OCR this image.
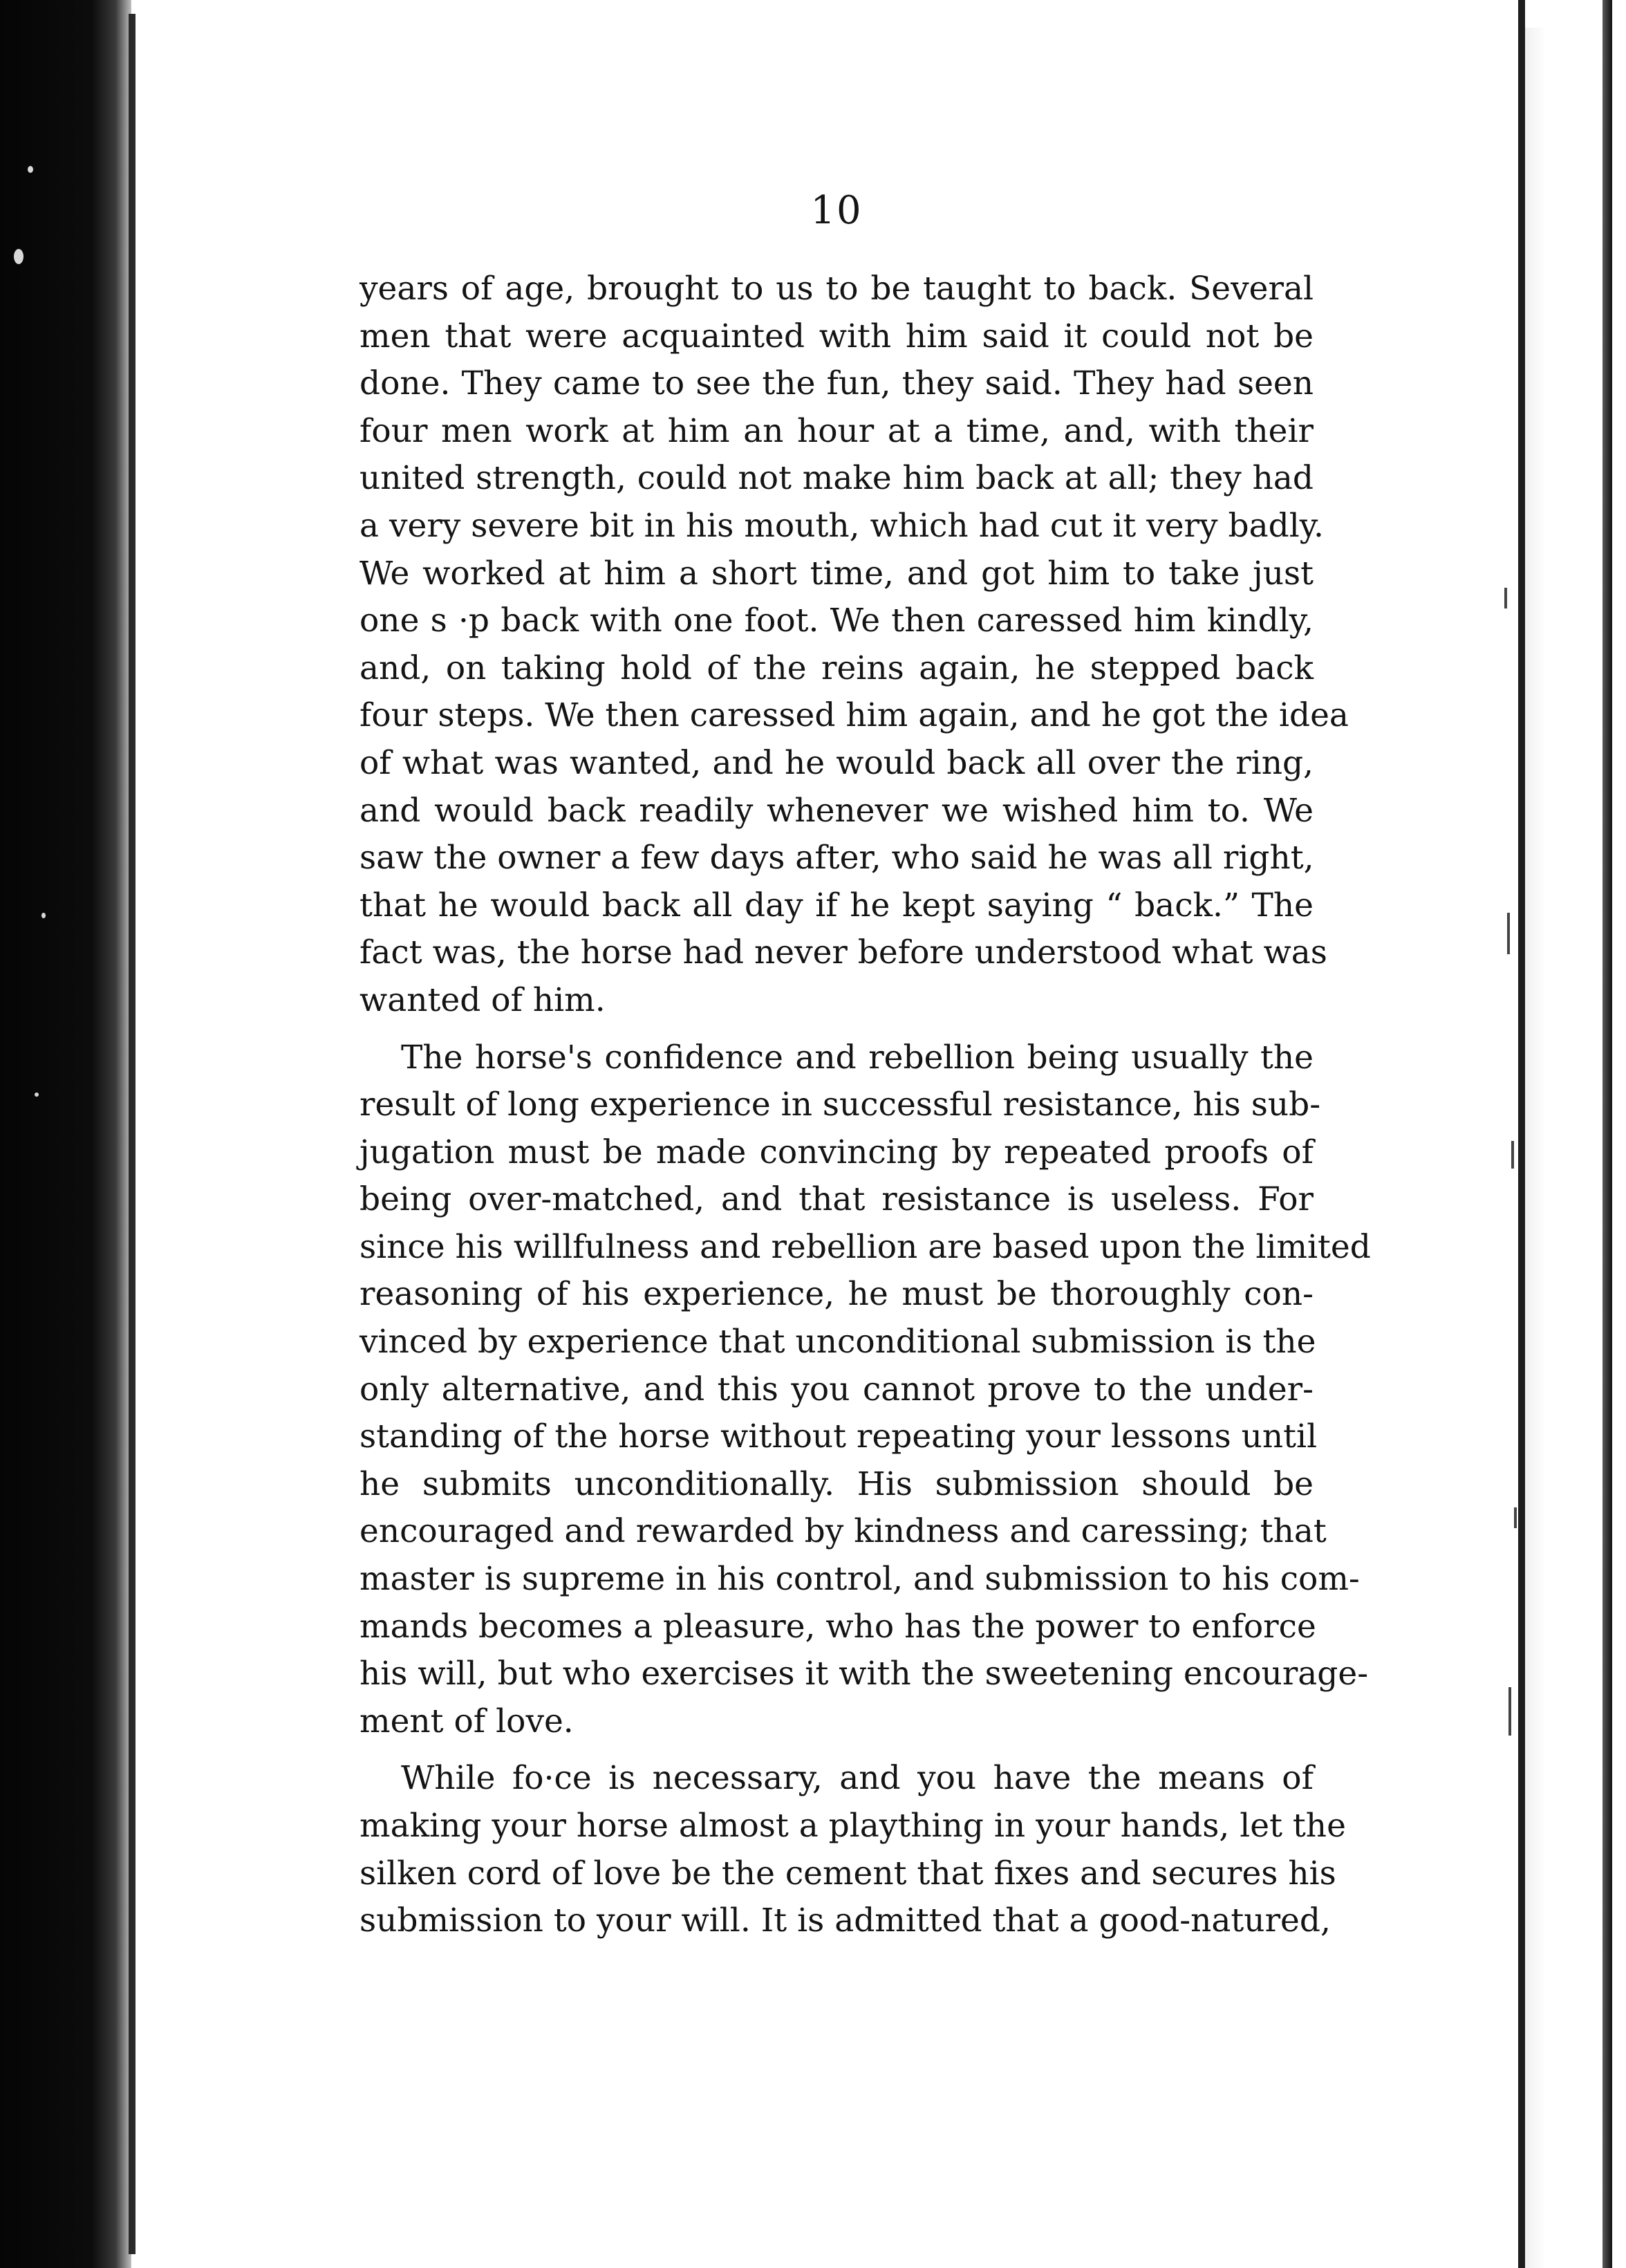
10
years of age, brought to us to be taught to back. Several
men that were acquainted with him said it could not be
done. They came to see the fun, they said. They had seen
four men work at him an hour at a time, and, with their
united strength, could not make him back at all; they had
a very severe bit in his mouth, which had cut it very badly.
We worked at him a short time, and got him to take just
one s ·p back with one foot. We then caressed him kindly,
and, on taking hold of the reins again, he stepped back
four steps. We then caressed him again, and he got the idea
of what was wanted, and he would back all over the ring,
and would back readily whenever we wished him to. We
saw the owner a few days after, who said he was all right,
that he would back all day if he kept saying “ back.” The
fact was, the horse had never before understood what was
wanted of him.
The horse's confidence and rebellion being usually the
result of long experience in successful resistance, his sub-
jugation must be made convincing by repeated proofs of
being over-matched, and that resistance is useless. For
since his willfulness and rebellion are based upon the limited
reasoning of his experience, he must be thoroughly con-
vinced by experience that unconditional submission is the
only alternative, and this you cannot prove to the under-
standing of the horse without repeating your lessons until
he submits unconditionally. His submission should be
encouraged and rewarded by kindness and caressing; that
master is supreme in his control, and submission to his com-
mands becomes a pleasure, who has the power to enforce
his will, but who exercises it with the sweetening encourage-
ment of love.
While fo·ce is necessary, and you have the means of
making your horse almost a plaything in your hands, let the
silken cord of love be the cement that fixes and secures his
submission to your will. It is admitted that a good-natured,
